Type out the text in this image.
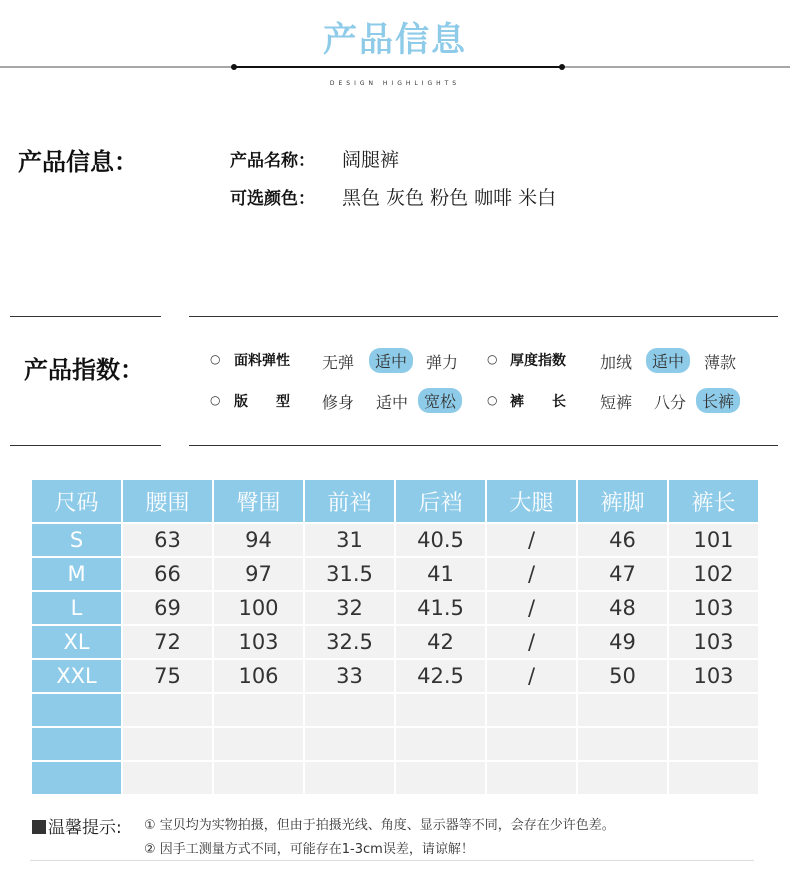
产品信息
DESIGN HIGHLIGHTS
产品信息：	产品名称： 阔腿裤
可选颜色： 黑色 灰色 粉色 咖啡 米白
产品指数：	○ 面料弹性 无弹	适中	弹力 ○ 厚度指数 加绒	适中	薄款
○ 版　　型 修身 适中 宽松	○ 裤　　长 短裤 八分 长裤
尺码	腰围	臀围	前裆	后裆	大腿	裤脚	裤长
S	63	94	31	40.5	/	46	101
M	66	97	31.5	41	/	47	102
L	69	100	32	41.5	/	48	103
XL	72	103	32.5	42	/	49	103
XXL	75	106	33	42.5	/	50	103

温馨提示: ① 宝贝均为实物拍摄，但由于拍摄光线、角度、显示器等不同，会存在少许色差。
② 因手工测量方式不同，可能存在1-3cm误差，请谅解！
